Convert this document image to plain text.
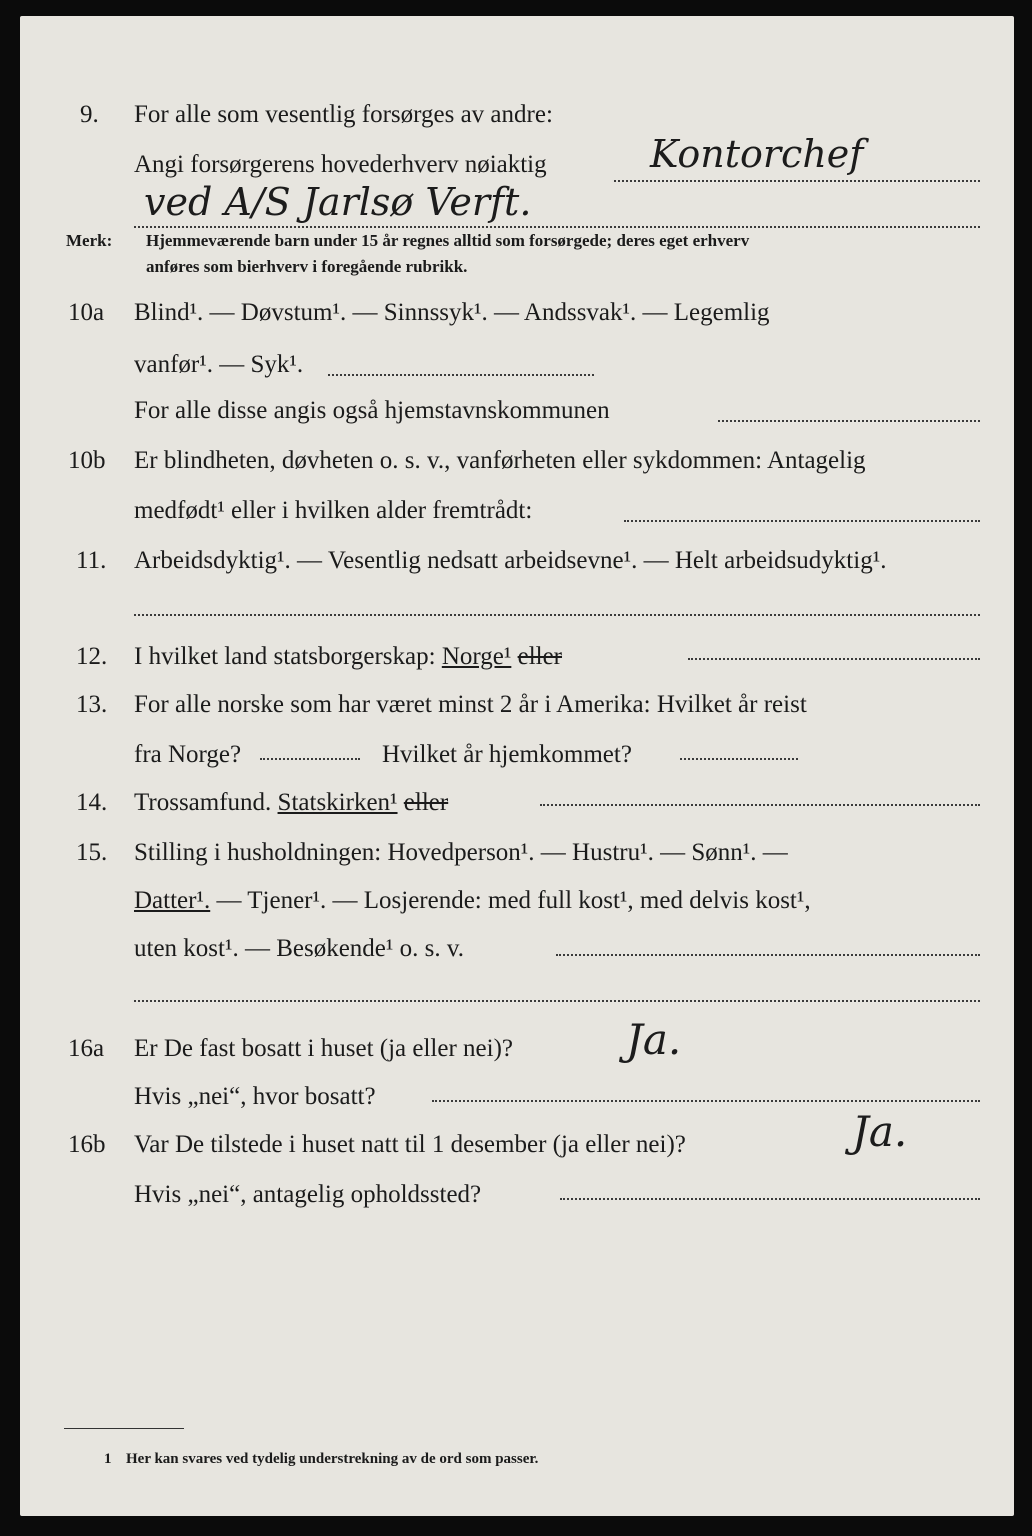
9. For alle som vesentlig forsørges av andre:
Angi forsørgerens hovederhverv nøiaktig	Kontorchef
ved A/S Jarlsø Verft.
Merk: Hjemmeværende barn under 15 år regnes alltid som forsørgede; deres eget erhverv
anføres som bierhverv i foregående rubrikk.
10a Blind¹. — Døvstum¹. — Sinnssyk¹. — Andssvak¹. — Legemlig
vanfør¹. — Syk¹.
For alle disse angis også hjemstavnskommunen
10b Er blindheten, døvheten o. s. v., vanførheten eller sykdommen: Antagelig
medfødt¹ eller i hvilken alder fremtrådt:
11. Arbeidsdyktig¹. — Vesentlig nedsatt arbeidsevne¹. — Helt arbeidsudyktig¹.
12. I hvilket land statsborgerskap: Norge¹ eller
13. For alle norske som har været minst 2 år i Amerika: Hvilket år reist
fra Norge?	Hvilket år hjemkommet?
14. Trossamfund. Statskirken¹ eller
15. Stilling i husholdningen: Hovedperson¹. — Hustru¹. — Sønn¹. —
Datter¹. — Tjener¹. — Losjerende: med full kost¹, med delvis kost¹,
uten kost¹. — Besøkende¹ o. s. v.
16a Er De fast bosatt i huset (ja eller nei)?	Ja.
Hvis „nei“, hvor bosatt?
16b Var De tilstede i huset natt til 1 desember (ja eller nei)?	Ja.
Hvis „nei“, antagelig opholdssted?
1 Her kan svares ved tydelig understrekning av de ord som passer.
